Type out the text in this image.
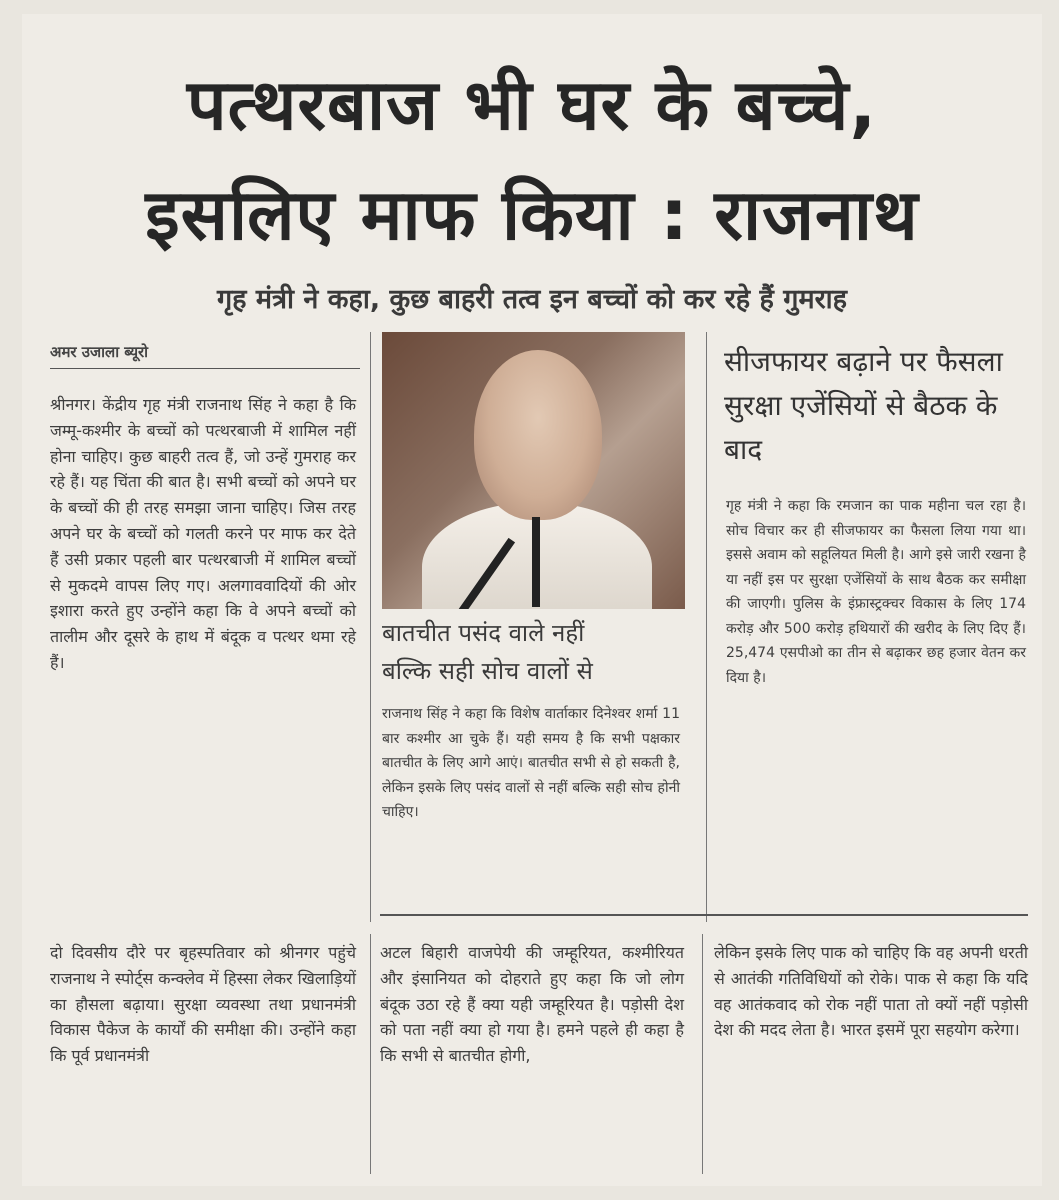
पत्थरबाज भी घर के बच्चे,
इसलिए माफ किया : राजनाथ
गृह मंत्री ने कहा, कुछ बाहरी तत्व इन बच्चों को कर रहे हैं गुमराह
अमर उजाला ब्यूरो
श्रीनगर। केंद्रीय गृह मंत्री राजनाथ सिंह ने कहा है कि जम्मू-कश्मीर के बच्चों को पत्थरबाजी में शामिल नहीं होना चाहिए। कुछ बाहरी तत्व हैं, जो उन्हें गुमराह कर रहे हैं। यह चिंता की बात है। सभी बच्चों को अपने घर के बच्चों की ही तरह समझा जाना चाहिए। जिस तरह अपने घर के बच्चों को गलती करने पर माफ कर देते हैं उसी प्रकार पहली बार पत्थरबाजी में शामिल बच्चों से मुकदमे वापस लिए गए। अलगाववादियों की ओर इशारा करते हुए उन्होंने कहा कि वे अपने बच्चों को तालीम और दूसरे के हाथ में बंदूक व पत्थर थमा रहे हैं।
बातचीत पसंद वाले नहीं
बल्कि सही सोच वालों से
राजनाथ सिंह ने कहा कि विशेष वार्ताकार दिनेश्वर शर्मा 11 बार कश्मीर आ चुके हैं। यही समय है कि सभी पक्षकार बातचीत के लिए आगे आएं। बातचीत सभी से हो सकती है, लेकिन इसके लिए पसंद वालों से नहीं बल्कि सही सोच होनी चाहिए।
सीजफायर बढ़ाने पर फैसला सुरक्षा एजेंसियों से बैठक के बाद
गृह मंत्री ने कहा कि रमजान का पाक महीना चल रहा है। सोच विचार कर ही सीजफायर का फैसला लिया गया था। इससे अवाम को सहूलियत मिली है। आगे इसे जारी रखना है या नहीं इस पर सुरक्षा एजेंसियों के साथ बैठक कर समीक्षा की जाएगी। पुलिस के इंफ्रास्ट्रक्चर विकास के लिए 174 करोड़ और 500 करोड़ हथियारों की खरीद के लिए दिए हैं। 25,474 एसपीओ का तीन से बढ़ाकर छह हजार वेतन कर दिया है।
दो दिवसीय दौरे पर बृहस्पतिवार को श्रीनगर पहुंचे राजनाथ ने स्पोर्ट्स कन्क्लेव में हिस्सा लेकर खिलाड़ियों का हौसला बढ़ाया। सुरक्षा व्यवस्था तथा प्रधानमंत्री विकास पैकेज के कार्यों की समीक्षा की। उन्होंने कहा कि पूर्व प्रधानमंत्री
अटल बिहारी वाजपेयी की जम्हूरियत, कश्मीरियत और इंसानियत को दोहराते हुए कहा कि जो लोग बंदूक उठा रहे हैं क्या यही जम्हूरियत है। पड़ोसी देश को पता नहीं क्या हो गया है। हमने पहले ही कहा है कि सभी से बातचीत होगी,
लेकिन इसके लिए पाक को चाहिए कि वह अपनी धरती से आतंकी गतिविधियों को रोके। पाक से कहा कि यदि वह आतंकवाद को रोक नहीं पाता तो क्यों नहीं पड़ोसी देश की मदद लेता है। भारत इसमें पूरा सहयोग करेगा।
